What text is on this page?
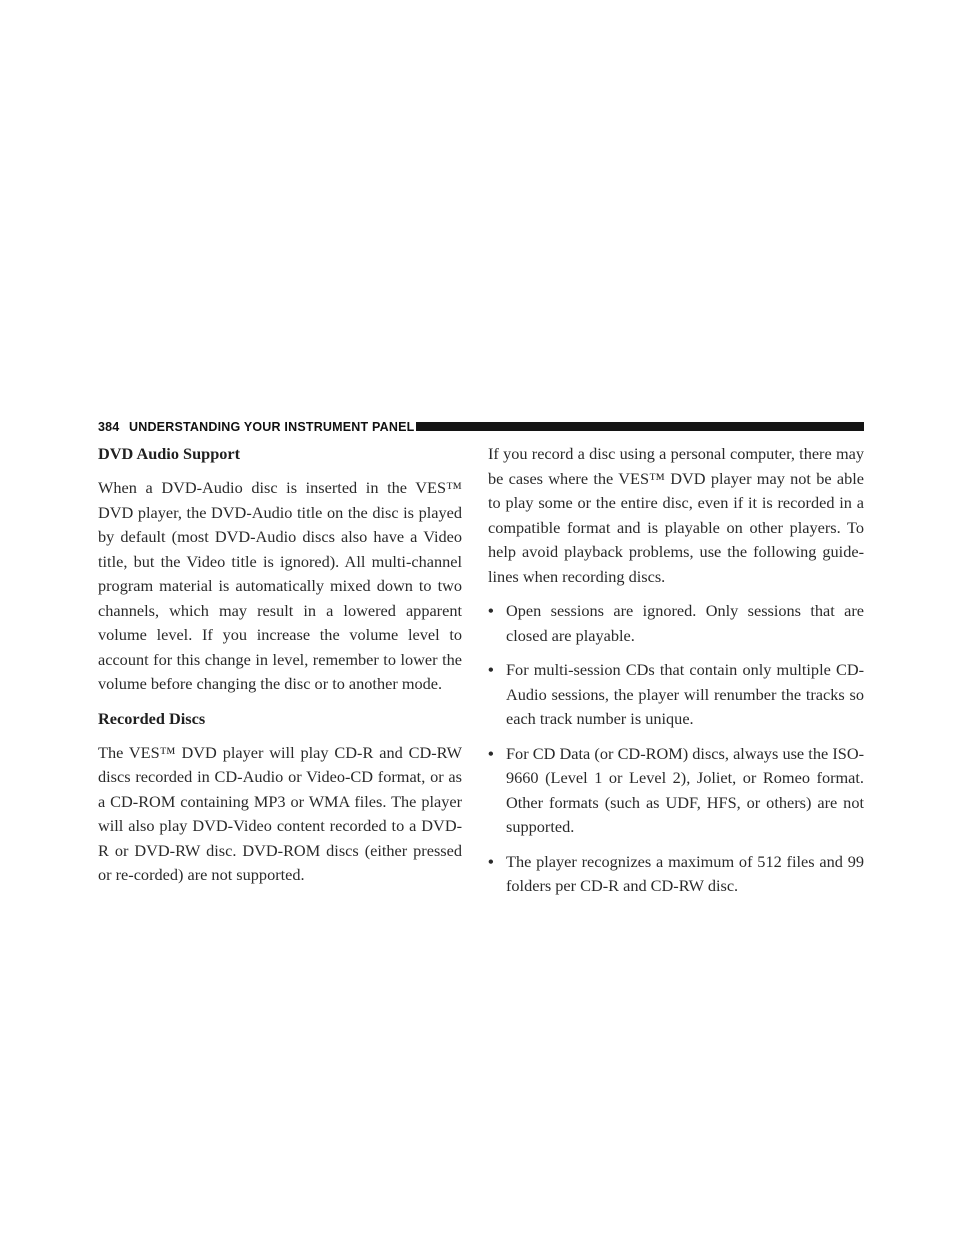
384 UNDERSTANDING YOUR INSTRUMENT PANEL
DVD Audio Support

When a DVD-Audio disc is inserted in the VES™ DVD player, the DVD-Audio title on the disc is played by default (most DVD-Audio discs also have a Video title, but the Video title is ignored). All multi-channel program material is automatically mixed down to two channels, which may result in a lowered apparent volume level. If you increase the volume level to account for this change in level, remember to lower the volume before changing the disc or to another mode.

Recorded Discs

The VES™ DVD player will play CD-R and CD-RW discs recorded in CD-Audio or Video-CD format, or as a CD-ROM containing MP3 or WMA files. The player will also play DVD-Video content recorded to a DVD-R or DVD-RW disc. DVD-ROM discs (either pressed or re-corded) are not supported.

If you record a disc using a personal computer, there may be cases where the VES™ DVD player may not be able to play some or the entire disc, even if it is recorded in a compatible format and is playable on other players. To help avoid playback problems, use the following guide-lines when recording discs.

• Open sessions are ignored. Only sessions that are closed are playable.
• For multi-session CDs that contain only multiple CD-Audio sessions, the player will renumber the tracks so each track number is unique.
• For CD Data (or CD-ROM) discs, always use the ISO-9660 (Level 1 or Level 2), Joliet, or Romeo format. Other formats (such as UDF, HFS, or others) are not supported.
• The player recognizes a maximum of 512 files and 99 folders per CD-R and CD-RW disc.
